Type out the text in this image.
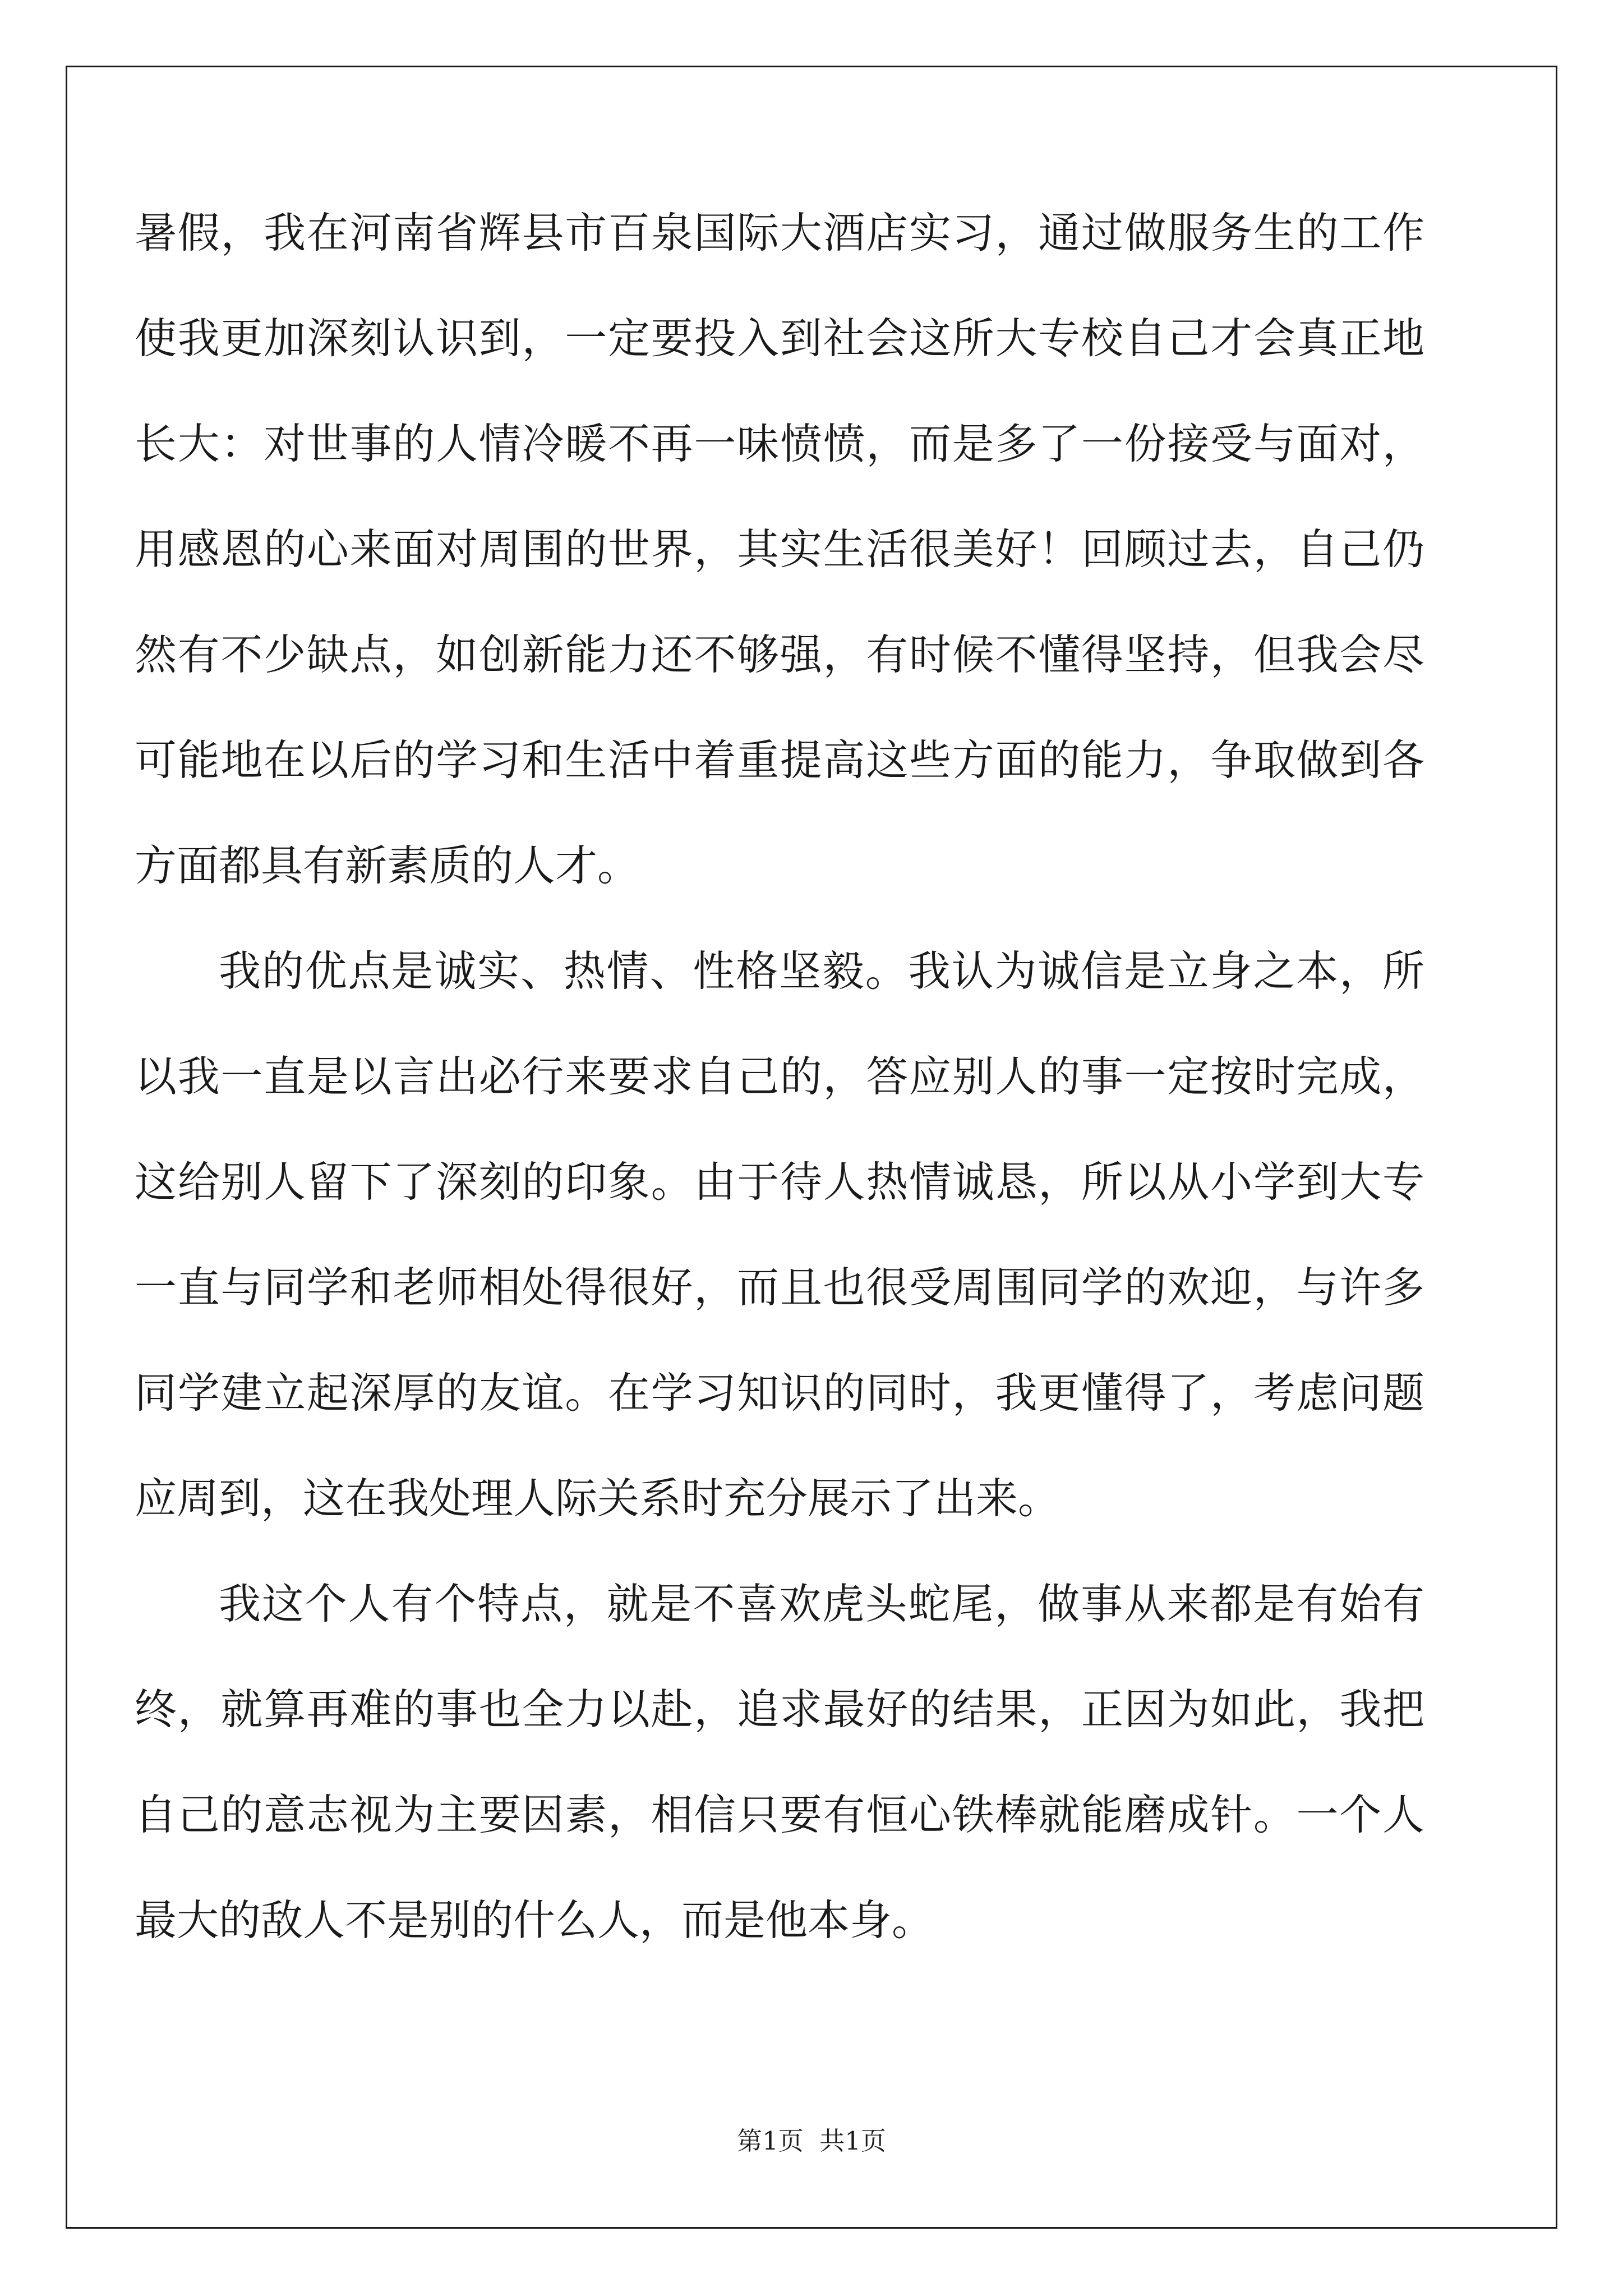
暑假，我在河南省辉县市百泉国际大酒店实习，通过做服务生的工作
使我更加深刻认识到，一定要投入到社会这所大专校自己才会真正地
长大：对世事的人情冷暖不再一味愤愤，而是多了一份接受与面对，
用感恩的心来面对周围的世界，其实生活很美好！回顾过去，自己仍
然有不少缺点，如创新能力还不够强，有时候不懂得坚持，但我会尽
可能地在以后的学习和生活中着重提高这些方面的能力，争取做到各
方面都具有新素质的人才。
我的优点是诚实、热情、性格坚毅。我认为诚信是立身之本，所
以我一直是以言出必行来要求自己的，答应别人的事一定按时完成，
这给别人留下了深刻的印象。由于待人热情诚恳，所以从小学到大专
一直与同学和老师相处得很好，而且也很受周围同学的欢迎，与许多
同学建立起深厚的友谊。在学习知识的同时，我更懂得了，考虑问题
应周到，这在我处理人际关系时充分展示了出来。
我这个人有个特点，就是不喜欢虎头蛇尾，做事从来都是有始有
终，就算再难的事也全力以赴，追求最好的结果，正因为如此，我把
自己的意志视为主要因素，相信只要有恒心铁棒就能磨成针。一个人
最大的敌人不是别的什么人，而是他本身。
第1页  共1页
